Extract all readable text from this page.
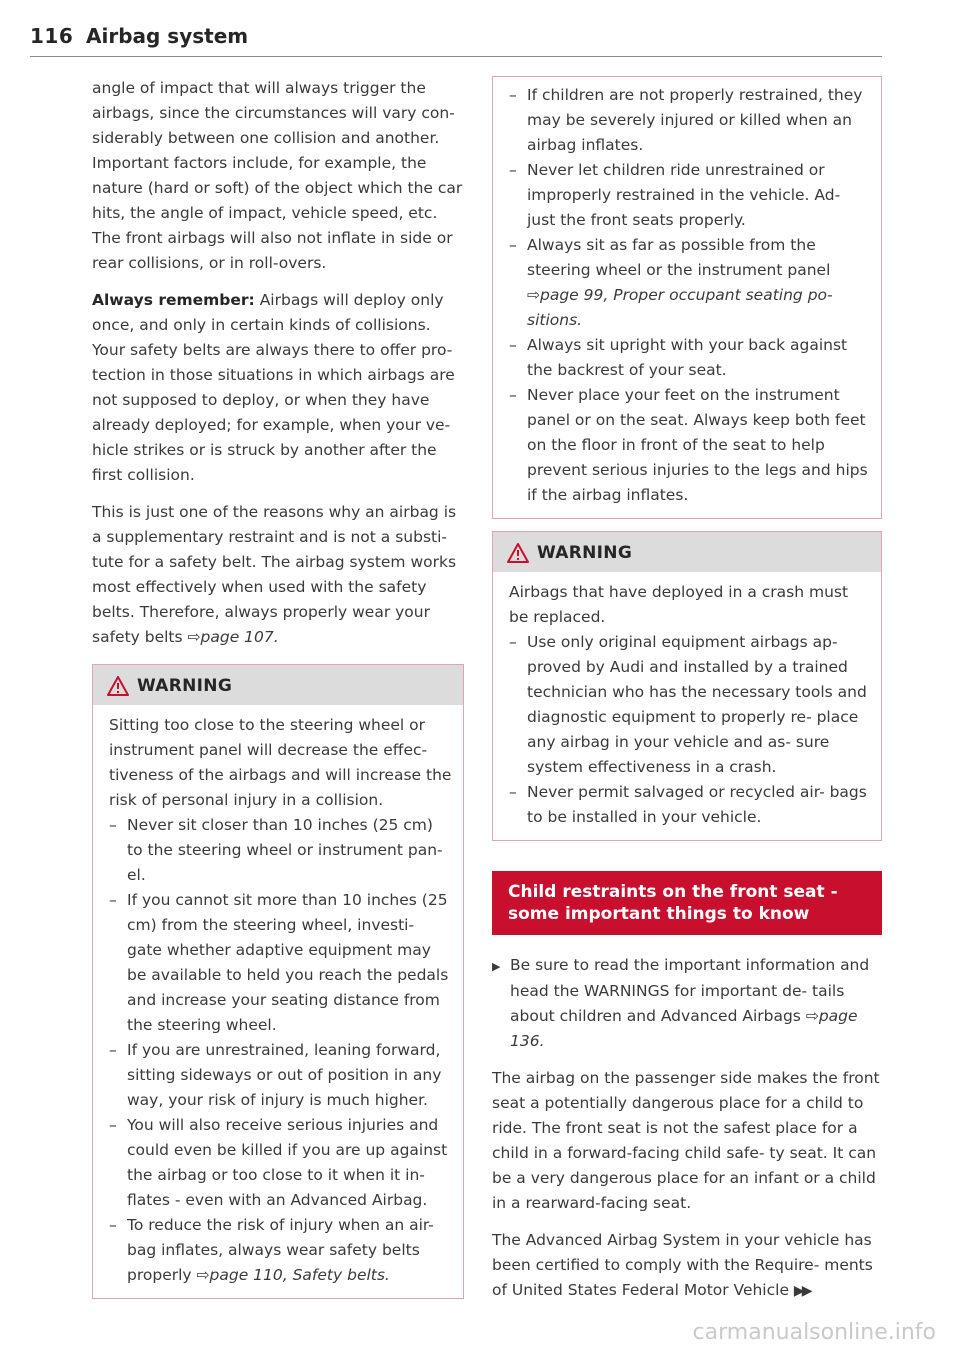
116 Airbag system

angle of impact that will always trigger the airbags, since the circumstances will vary con- siderably between one collision and another. Important factors include, for example, the nature (hard or soft) of the object which the car hits, the angle of impact, vehicle speed, etc. The front airbags will also not inflate in side or rear collisions, or in roll-overs.

Always remember: Airbags will deploy only once, and only in certain kinds of collisions. Your safety belts are always there to offer pro- tection in those situations in which airbags are not supposed to deploy, or when they have already deployed; for example, when your ve- hicle strikes or is struck by another after the first collision.

This is just one of the reasons why an airbag is a supplementary restraint and is not a substi- tute for a safety belt. The airbag system works most effectively when used with the safety belts. Therefore, always properly wear your safety belts ⇨page 107.

WARNING

Sitting too close to the steering wheel or instrument panel will decrease the effec- tiveness of the airbags and will increase the risk of personal injury in a collision.

– Never sit closer than 10 inches (25 cm) to the steering wheel or instrument pan- el.
– If you cannot sit more than 10 inches (25 cm) from the steering wheel, investi- gate whether adaptive equipment may be available to held you reach the pedals and increase your seating distance from the steering wheel.
– If you are unrestrained, leaning forward, sitting sideways or out of position in any way, your risk of injury is much higher.
– You will also receive serious injuries and could even be killed if you are up against the airbag or too close to it when it in- flates - even with an Advanced Airbag.
– To reduce the risk of injury when an air- bag inflates, always wear safety belts properly ⇨page 110, Safety belts.
– If children are not properly restrained, they may be severely injured or killed when an airbag inflates.
– Never let children ride unrestrained or improperly restrained in the vehicle. Ad- just the front seats properly.
– Always sit as far as possible from the steering wheel or the instrument panel ⇨page 99, Proper occupant seating po- sitions.
– Always sit upright with your back against the backrest of your seat.
– Never place your feet on the instrument panel or on the seat. Always keep both feet on the floor in front of the seat to help prevent serious injuries to the legs and hips if the airbag inflates.
WARNING

Airbags that have deployed in a crash must be replaced.

– Use only original equipment airbags ap- proved by Audi and installed by a trained technician who has the necessary tools and diagnostic equipment to properly re- place any airbag in your vehicle and as- sure system effectiveness in a crash.
– Never permit salvaged or recycled air- bags to be installed in your vehicle.
Child restraints on the front seat - some important things to know
▶ Be sure to read the important information and head the WARNINGS for important de- tails about children and Advanced Airbags ⇨page 136.

The airbag on the passenger side makes the front seat a potentially dangerous place for a child to ride. The front seat is not the safest place for a child in a forward-facing child safe- ty seat. It can be a very dangerous place for an infant or a child in a rearward-facing seat.

The Advanced Airbag System in your vehicle has been certified to comply with the Require- ments of United States Federal Motor Vehicle ▶▶

carmanualsonline.info
